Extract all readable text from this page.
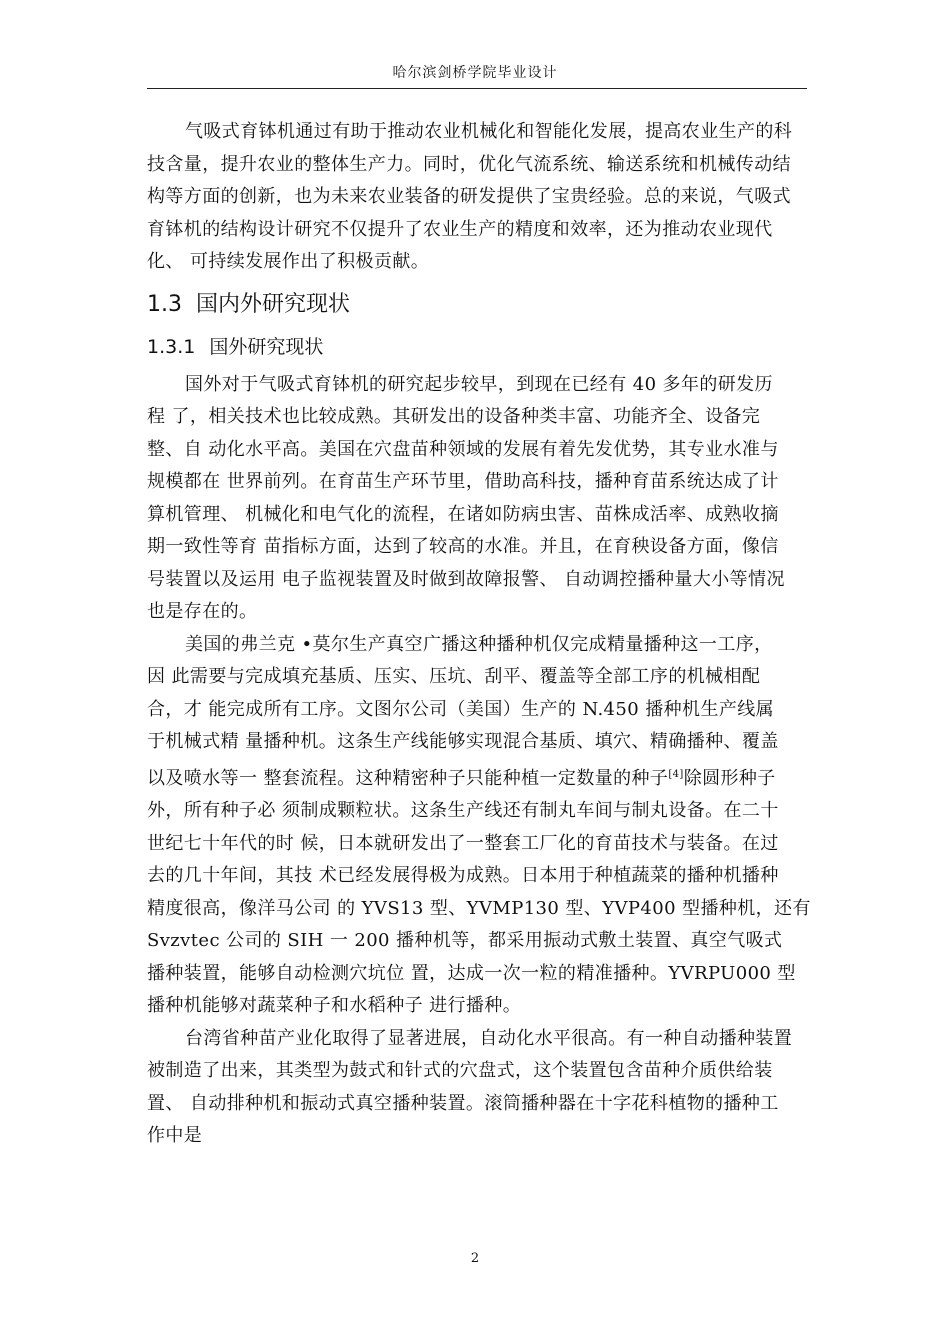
哈尔滨剑桥学院毕业设计
气吸式育钵机通过有助于推动农业机械化和智能化发展，提高农业生产的科
技含量，提升农业的整体生产力。同时，优化气流系统、输送系统和机械传动结
构等方面的创新，也为未来农业装备的研发提供了宝贵经验。总的来说，气吸式
育钵机的结构设计研究不仅提升了农业生产的精度和效率，还为推动农业现代
化、 可持续发展作出了积极贡献。
1.3 国内外研究现状
1.3.1 国外研究现状
国外对于气吸式育钵机的研究起步较早，到现在已经有 40 多年的研发历
程 了，相关技术也比较成熟。其研发出的设备种类丰富、功能齐全、设备完
整、自 动化水平高。美国在穴盘苗种领域的发展有着先发优势，其专业水准与
规模都在 世界前列。在育苗生产环节里，借助高科技，播种育苗系统达成了计
算机管理、 机械化和电气化的流程，在诸如防病虫害、苗株成活率、成熟收摘
期一致性等育 苗指标方面，达到了较高的水准。并且，在育秧设备方面，像信
号装置以及运用 电子监视装置及时做到故障报警、 自动调控播种量大小等情况
也是存在的。
美国的弗兰克 •莫尔生产真空广播这种播种机仅完成精量播种这一工序，
因 此需要与完成填充基质、压实、压坑、刮平、覆盖等全部工序的机械相配
合，才 能完成所有工序。文图尔公司（美国）生产的 N.450 播种机生产线属
于机械式精 量播种机。这条生产线能够实现混合基质、填穴、精确播种、覆盖
以及喷水等一 整套流程。这种精密种子只能种植一定数量的种子[4]除圆形种子
外，所有种子必 须制成颗粒状。这条生产线还有制丸车间与制丸设备。在二十
世纪七十年代的时 候，日本就研发出了一整套工厂化的育苗技术与装备。在过
去的几十年间，其技 术已经发展得极为成熟。日本用于种植蔬菜的播种机播种
精度很高，像洋马公司 的 YVS13 型、YVMP130 型、YVP400 型播种机，还有
Svzvtec 公司的 SIH 一 200 播种机等，都采用振动式敷土装置、真空气吸式
播种装置，能够自动检测穴坑位 置，达成一次一粒的精准播种。YVRPU000 型
播种机能够对蔬菜种子和水稻种子 进行播种。
台湾省种苗产业化取得了显著进展，自动化水平很高。有一种自动播种装置
被制造了出来，其类型为鼓式和针式的穴盘式，这个装置包含苗种介质供给装
置、 自动排种机和振动式真空播种装置。滚筒播种器在十字花科植物的播种工
作中是
2
